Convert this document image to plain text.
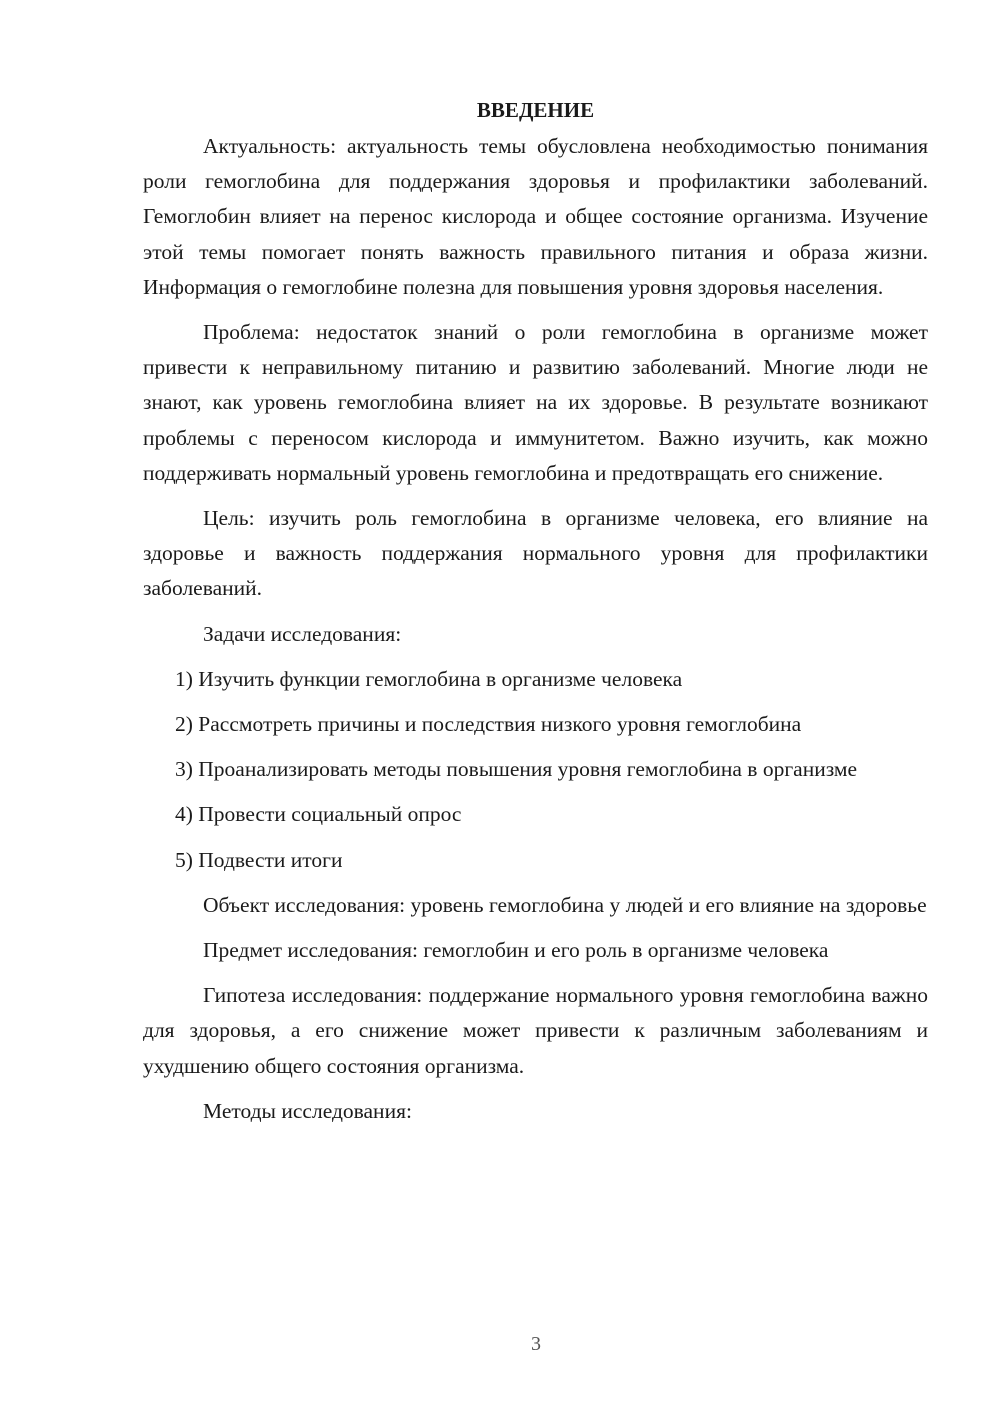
ВВЕДЕНИЕ

Актуальность: актуальность темы обусловлена необходимостью понимания роли гемоглобина для поддержания здоровья и профилактики заболеваний. Гемоглобин влияет на перенос кислорода и общее состояние организма. Изучение этой темы помогает понять важность правильного питания и образа жизни. Информация о гемоглобине полезна для повышения уровня здоровья населения.

Проблема: недостаток знаний о роли гемоглобина в организме может привести к неправильному питанию и развитию заболеваний. Многие люди не знают, как уровень гемоглобина влияет на их здоровье. В результате возникают проблемы с переносом кислорода и иммунитетом. Важно изучить, как можно поддерживать нормальный уровень гемоглобина и предотвращать его снижение.

Цель: изучить роль гемоглобина в организме человека, его влияние на здоровье и важность поддержания нормального уровня для профилактики заболеваний.

Задачи исследования:

1) Изучить функции гемоглобина в организме человека

2) Рассмотреть причины и последствия низкого уровня гемоглобина

3) Проанализировать методы повышения уровня гемоглобина в организме

4) Провести социальный опрос

5) Подвести итоги

Объект исследования: уровень гемоглобина у людей и его влияние на здоровье

Предмет исследования: гемоглобин и его роль в организме человека

Гипотеза исследования: поддержание нормального уровня гемоглобина важно для здоровья, а его снижение может привести к различным заболеваниям и ухудшению общего состояния организма.

Методы исследования:

3
